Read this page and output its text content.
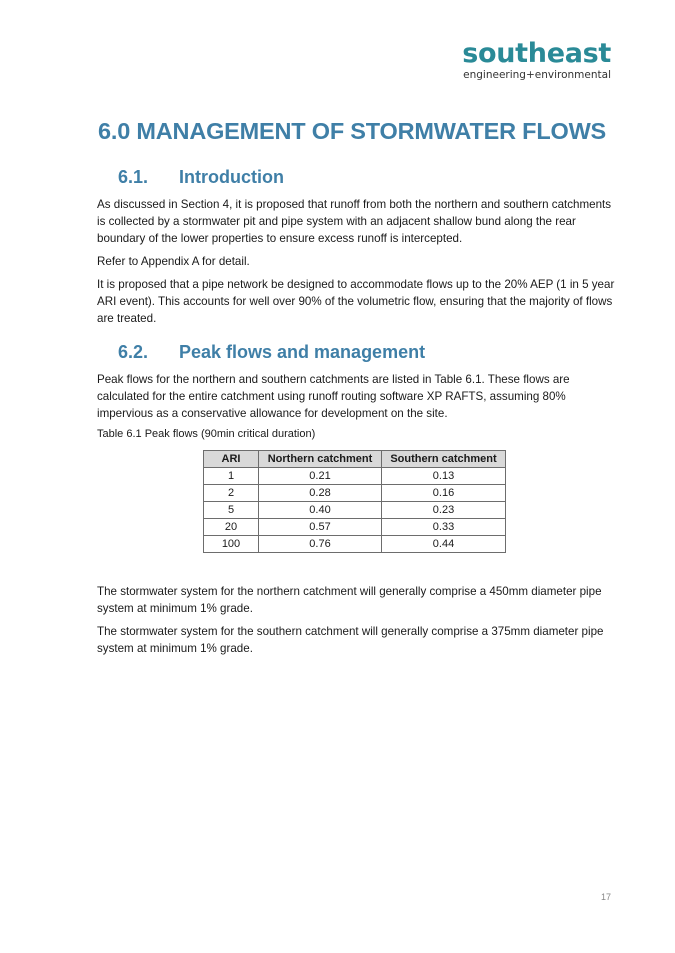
southeast
engineering+environmental
6.0 MANAGEMENT OF STORMWATER FLOWS
6.1. Introduction

As discussed in Section 4, it is proposed that runoff from both the northern and southern catchments is collected by a stormwater pit and pipe system with an adjacent shallow bund along the rear boundary of the lower properties to ensure excess runoff is intercepted.

Refer to Appendix A for detail.

It is proposed that a pipe network be designed to accommodate flows up to the 20% AEP (1 in 5 year ARI event). This accounts for well over 90% of the volumetric flow, ensuring that the majority of flows are treated.

6.2. Peak flows and management

Peak flows for the northern and southern catchments are listed in Table 6.1. These flows are calculated for the entire catchment using runoff routing software XP RAFTS, assuming 80% impervious as a conservative allowance for development on the site.

Table 6.1 Peak flows (90min critical duration)
ARI	Northern catchment	Southern catchment
1	0.21	0.13
2	0.28	0.16
5	0.40	0.23
20	0.57	0.33
100	0.76	0.44

The stormwater system for the northern catchment will generally comprise a 450mm diameter pipe system at minimum 1% grade.

The stormwater system for the southern catchment will generally comprise a 375mm diameter pipe system at minimum 1% grade.

17
